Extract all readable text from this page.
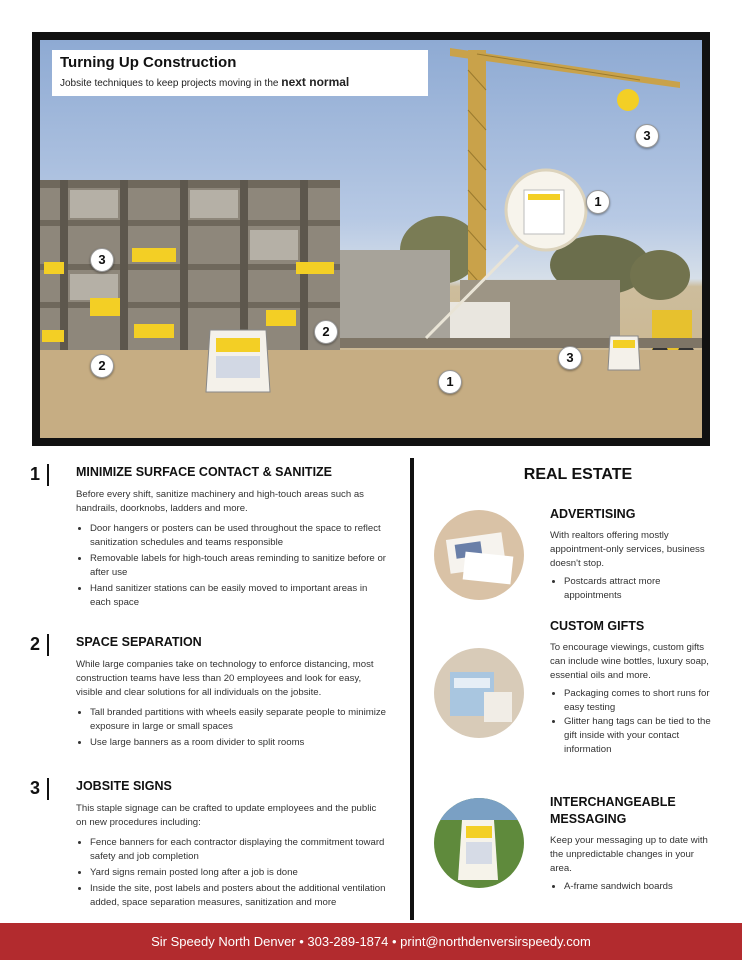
Turning Up Construction
Jobsite techniques to keep projects moving in the next normal
3
1
3
2
2
1
3
1	MINIMIZE SURFACE CONTACT & SANITIZE

Before every shift, sanitize machinery and high-touch areas such as handrails, doorknobs, ladders and more.

• Door hangers or posters can be used throughout the space to reflect sanitization schedules and teams responsible
• Removable labels for high-touch areas reminding to sanitize before or after use
• Hand sanitizer stations can be easily moved to important areas in each space
2	SPACE SEPARATION

While large companies take on technology to enforce distancing, most construction teams have less than 20 employees and look for easy, visible and clear solutions for all individuals on the jobsite.

• Tall branded partitions with wheels easily separate people to minimize exposure in large or small spaces
• Use large banners as a room divider to split rooms
3	JOBSITE SIGNS

This staple signage can be crafted to update employees and the public on new procedures including:

• Fence banners for each contractor displaying the commitment toward safety and job completion
• Yard signs remain posted long after a job is done
• Inside the site, post labels and posters about the additional ventilation added, space separation measures, sanitization and more
REAL ESTATE
ADVERTISING

With realtors offering mostly appointment-only services, business doesn't stop.

• Postcards attract more appointments
CUSTOM GIFTS

To encourage viewings, custom gifts can include wine bottles, luxury soap, essential oils and more.

• Packaging comes to short runs for easy testing
• Glitter hang tags can be tied to the gift inside with your contact information
INTERCHANGEABLE MESSAGING

Keep your messaging up to date with the unpredictable changes in your area.

• A-frame sandwich boards
Sir Speedy North Denver • 303-289-1874 • print@northdenversirspeedy.com
